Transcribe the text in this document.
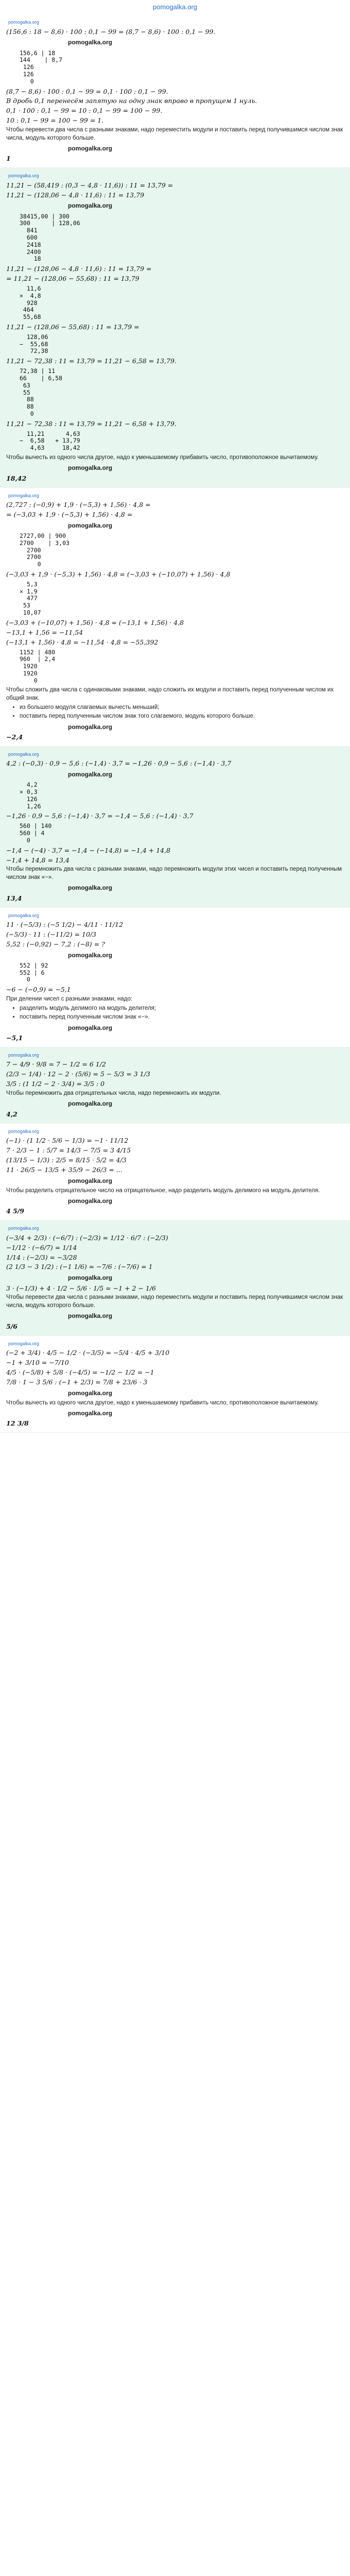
pomogalka.org
pomogalka.org
(156,6 : 18 − 8,6) · 100 : 0,1 − 99 = (8,7 − 8,6) · 100 : 0,1 − 99.
pomogalka.org
156,6 | 18
144    | 8,7
126
126
0
(8,7 − 8,6) · 100 : 0,1 − 99 = 0,1 · 100 : 0,1 − 99.
В дробь 0,1 перенесём запятую на одну знак вправо в пропущем 1 нуль.
0,1 · 100 : 0,1 − 99 = 10 : 0,1 − 99 = 100 − 99.
10 : 0,1 − 99 = 100 − 99 = 1.
Чтобы перевести два числа с разными знаками, надо переместить модули и поставить перед получившимся числом знак числа, модуль которого больше.
pomogalka.org
1
pomogalka.org
11,21 − (58,419 : (0,3 − 4,8 · 11,6)) : 11 = 13,79 =
11,21 − (128,06 − 4,8 · 11,6) : 11 = 13,79
pomogalka.org
38415,00 | 300
300      | 128,06
841
600
2418
2400
18
11,21 − (128,06 − 4,8 · 11,6) : 11 = 13,79 =
= 11,21 − (128,06 − 55,68) : 11 = 13,79
11,6
×  4,8
928
464
55,68
11,21 − (128,06 − 55,68) : 11 = 13,79 =
128,06
−  55,68
72,38
11,21 − 72,38 : 11 = 13,79 = 11,21 − 6,58 = 13,79.
72,38 | 11
66    | 6,58
63
55
88
88
0
11,21 − 72,38 : 11 = 13,79 = 11,21 − 6,58 + 13,79.
11,21      4,63
−  6,58   + 13,79
4,63     18,42
Чтобы вычесть из одного числа другое, надо к уменьшаемому прибавить число, противоположное вычитаемому.
pomogalka.org
18,42
pomogalka.org
(2,727 : (−0,9) + 1,9 · (−5,3) + 1,56) · 4,8 =
= (−3,03 + 1,9 · (−5,3) + 1,56) · 4,8 =
pomogalka.org
2727,00 | 900
2700    | 3,03
2700
2700
0
(−3,03 + 1,9 · (−5,3) + 1,56) · 4,8 = (−3,03 + (−10,07) + 1,56) · 4,8
5,3
× 1,9
477
53
10,07
(−3,03 + (−10,07) + 1,56) · 4,8 = (−13,1 + 1,56) · 4,8
−13,1 + 1,56 = −11,54
(−13,1 + 1,56) · 4,8 = −11,54 · 4,8 = −55,392
1152 | 480
960  | 2,4
1920
1920
0
Чтобы сложить два числа с одинаковыми знаками, надо сложить их модули и поставить перед полученным числом их общий знак.
• из большего модуля слагаемых вычесть меньший;
• поставить перед полученным числом знак того слагаемого, модуль которого больше.
pomogalka.org
−2,4
pomogalka.org
4,2 : (−0,3) · 0,9 − 5,6 : (−1,4) · 3,7 = −1,26 · 0,9 − 5,6 : (−1,4) · 3,7
pomogalka.org
4,2
× 0,3
126
1,26
−1,26 · 0,9 − 5,6 : (−1,4) · 3,7 = −1,4 − 5,6 : (−1,4) · 3,7
560 | 140
560 | 4
0
−1,4 − (−4) · 3,7 = −1,4 − (−14,8) = −1,4 + 14,8
−1,4 + 14,8 = 13,4
Чтобы перемножить два числа с разными знаками, надо перемножить модули этих чисел и поставить перед полученным числом знак «−».
pomogalka.org
13,4
pomogalka.org
11 · (−5/3) : (−5 1/2) − 4/11 · 11/12
(−5/3) · 11 : (−11/2) = 10/3
5,52 : (−0,92) − 7,2 : (−8) = ?
pomogalka.org
552 | 92
552 | 6
0
−6 − (−0,9) = −5,1
При делении чисел с разными знаками, надо:
• разделить модуль делимого на модуль делителя;
• поставить перед полученным числом знак «−».
pomogalka.org
−5,1
pomogalka.org
7 − 4/9 · 9/8 = 7 − 1/2 = 6 1/2
(2/3 − 1/4) · 12 − 2 · (5/6) = 5 − 5/3 = 3 1/3
3/5 : (1 1/2 − 2 · 3/4) = 3/5 : 0
Чтобы перемножить два отрицательных числа, надо перемножить их модули.
pomogalka.org
4,2
pomogalka.org
(−1) · (1 1/2 · 5/6 − 1/3) = −1 · 11/12
7 · 2/3 − 1 : 5/7 = 14/3 − 7/5 = 3 4/15
(13/15 − 1/3) : 2/5 = 8/15 · 5/2 = 4/3
11 · 26/5 − 13/5 + 35/9 − 26/3 = ...
pomogalka.org
Чтобы разделить отрицательное число на отрицательное, надо разделить модуль делимого на модуль делителя.
pomogalka.org
4 5/9
pomogalka.org
(−3/4 + 2/3) · (−6/7) : (−2/3) = 1/12 · 6/7 : (−2/3)
−1/12 · (−6/7) = 1/14
1/14 : (−2/3) = −3/28
(2 1/3 − 3 1/2) : (−1 1/6) = −7/6 : (−7/6) = 1
pomogalka.org
3 · (−1/3) + 4 · 1/2 − 5/6 · 1/5 = −1 + 2 − 1/6
Чтобы перевести два числа с разными знаками, надо переместить модули и поставить перед получившимся числом знак числа, модуль которого больше.
pomogalka.org
5/6
pomogalka.org
(−2 + 3/4) · 4/5 − 1/2 · (−3/5) = −5/4 · 4/5 + 3/10
−1 + 3/10 = −7/10
4/5 · (−5/8) + 5/8 · (−4/5) = −1/2 − 1/2 = −1
7/8 · 1 − 3 5/6 : (−1 + 2/3) = 7/8 + 23/6 · 3
pomogalka.org
Чтобы вычесть из одного числа другое, надо к уменьшаемому прибавить число, противоположное вычитаемому.
pomogalka.org
12 3/8
